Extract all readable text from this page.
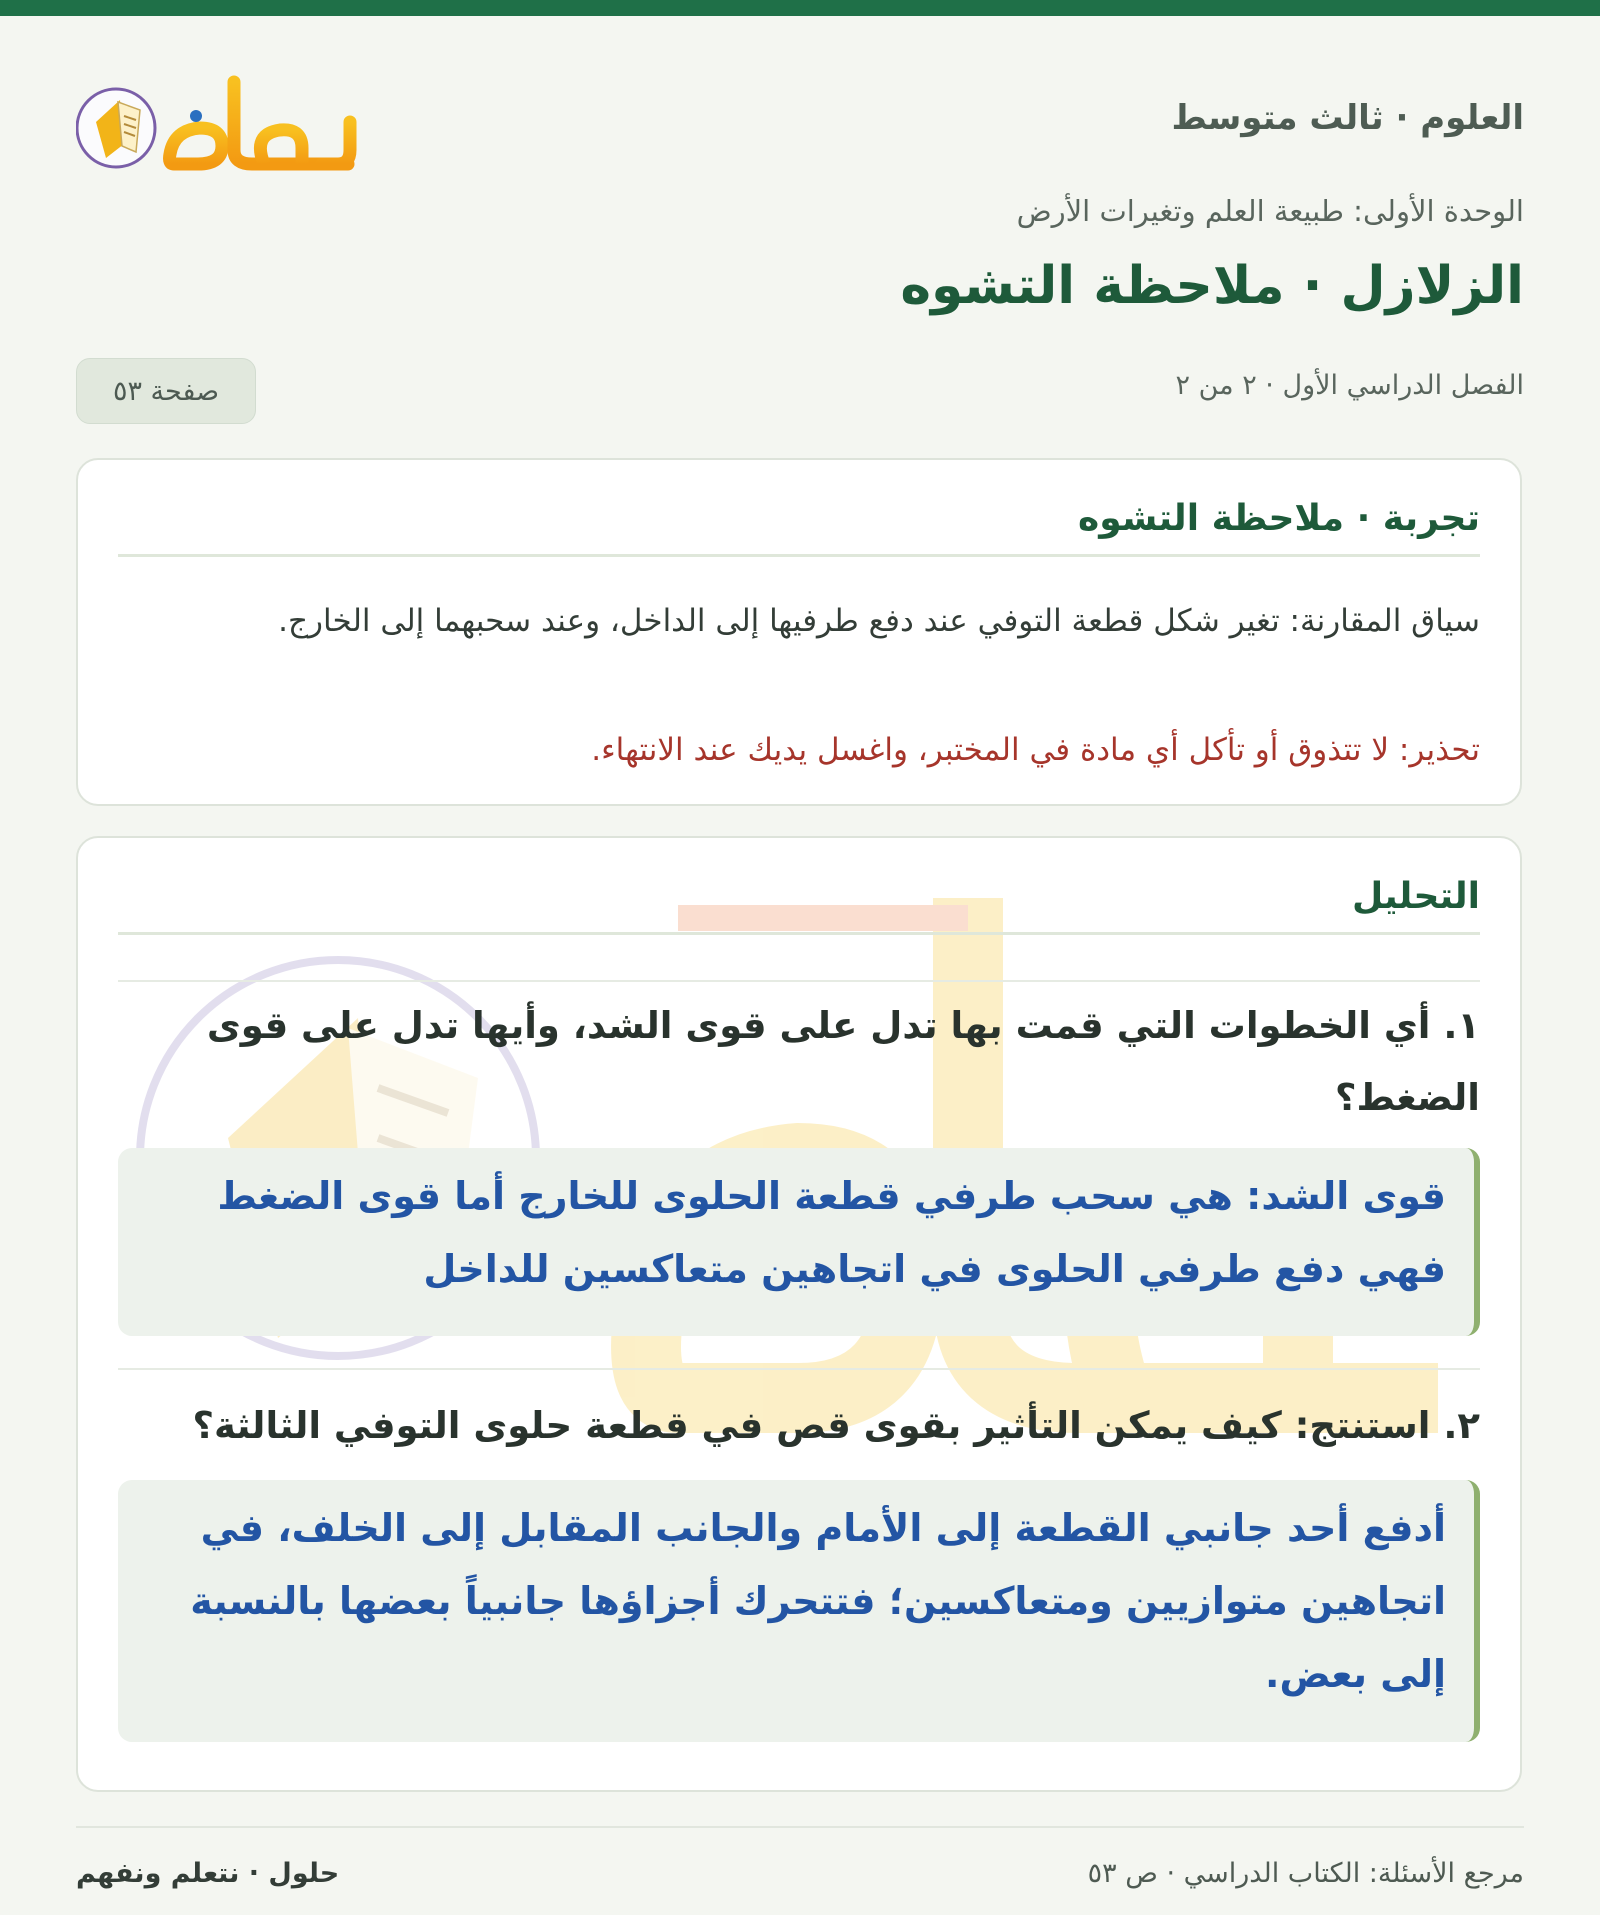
العلوم · ثالث متوسط
الوحدة الأولى: طبيعة العلم وتغيرات الأرض
الزلازل · ملاحظة التشوه
الفصل الدراسي الأول · ٢ من ٢
صفحة ٥٣
تجربة · ملاحظة التشوه
سياق المقارنة: تغير شكل قطعة التوفي عند دفع طرفيها إلى الداخل، وعند سحبهما إلى الخارج.
تحذير: لا تتذوق أو تأكل أي مادة في المختبر، واغسل يديك عند الانتهاء.
التحليل
١. أي الخطوات التي قمت بها تدل على قوى الشد، وأيها تدل على قوى الضغط؟
قوى الشد: هي سحب طرفي قطعة الحلوى للخارج أما قوى الضغط فهي دفع طرفي الحلوى في اتجاهين متعاكسين للداخل
٢. استنتج: كيف يمكن التأثير بقوى قص في قطعة حلوى التوفي الثالثة؟
أدفع أحد جانبي القطعة إلى الأمام والجانب المقابل إلى الخلف، في اتجاهين متوازيين ومتعاكسين؛ فتتحرك أجزاؤها جانبياً بعضها بالنسبة إلى بعض.
مرجع الأسئلة: الكتاب الدراسي · ص ٥٣
حلول · نتعلم ونفهم
